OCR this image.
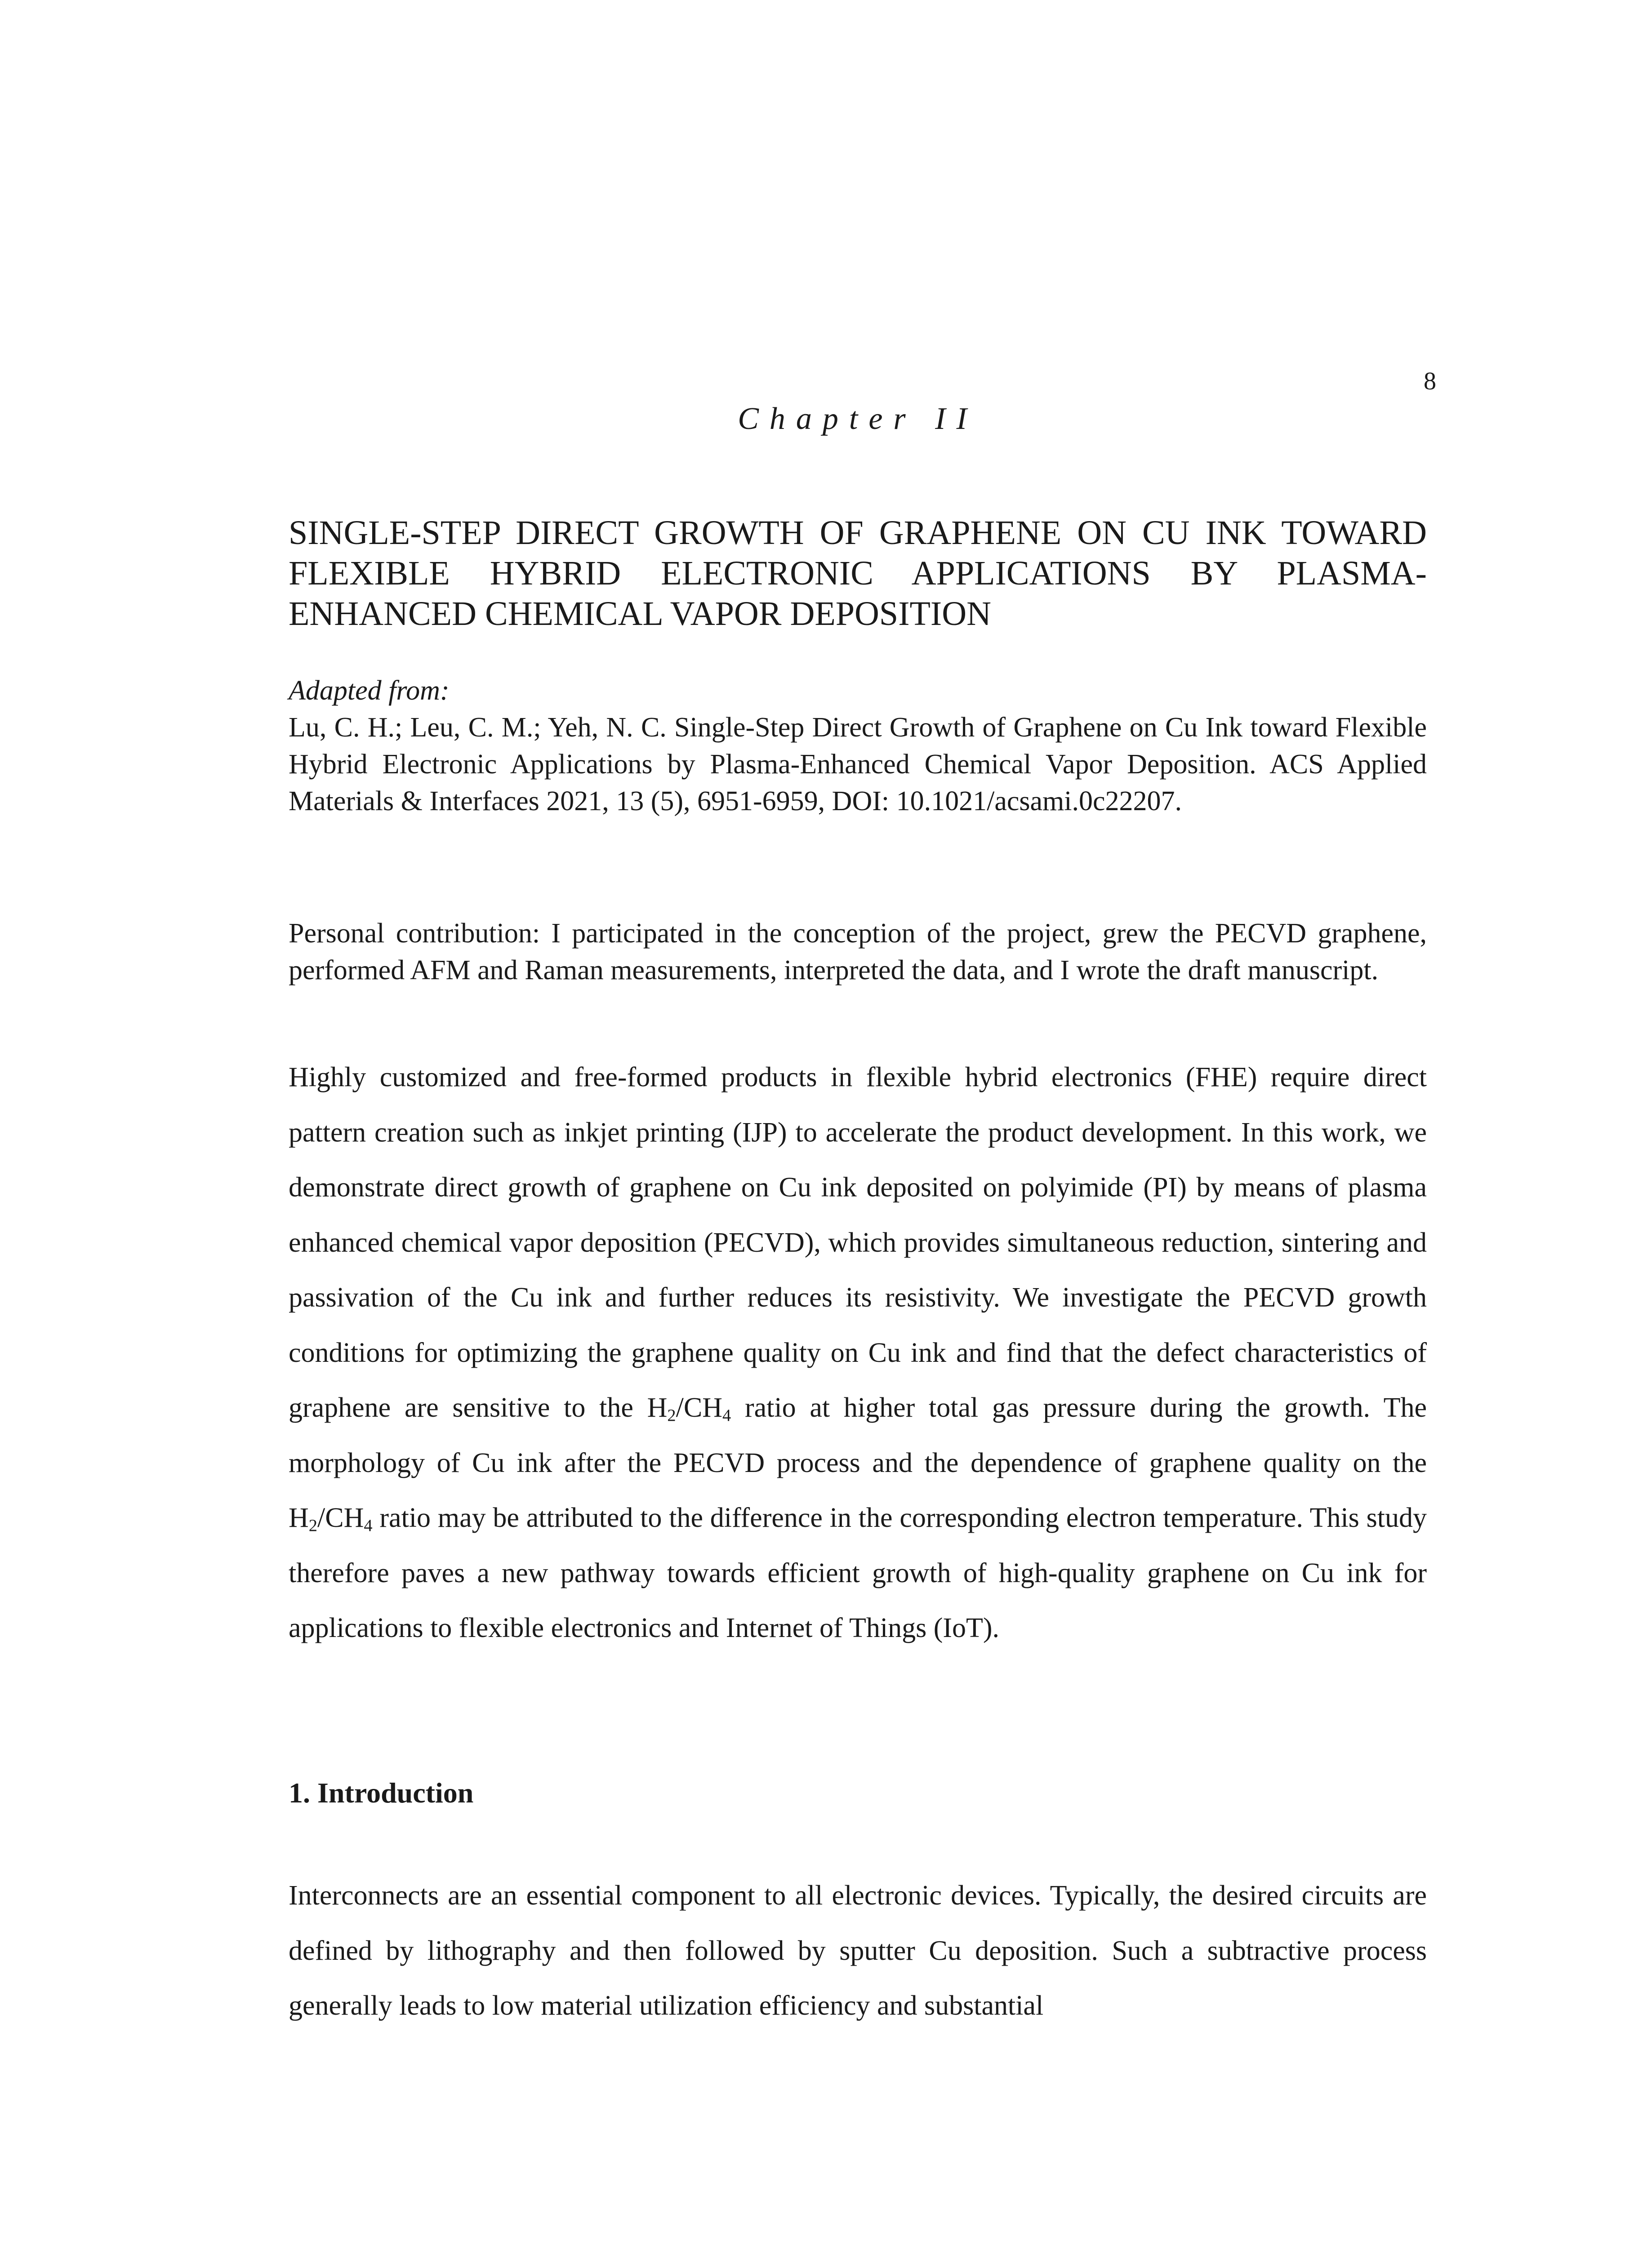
8
Chapter II
SINGLE-STEP DIRECT GROWTH OF GRAPHENE ON CU INK TOWARD FLEXIBLE HYBRID ELECTRONIC APPLICATIONS BY PLASMA-ENHANCED CHEMICAL VAPOR DEPOSITION
Adapted from:
Lu, C. H.; Leu, C. M.; Yeh, N. C. Single-Step Direct Growth of Graphene on Cu Ink toward Flexible Hybrid Electronic Applications by Plasma-Enhanced Chemical Vapor Deposition. ACS Applied Materials & Interfaces 2021, 13 (5), 6951-6959, DOI: 10.1021/acsami.0c22207.
Personal contribution: I participated in the conception of the project, grew the PECVD graphene, performed AFM and Raman measurements, interpreted the data, and I wrote the draft manuscript.
Highly customized and free-formed products in flexible hybrid electronics (FHE) require direct pattern creation such as inkjet printing (IJP) to accelerate the product development. In this work, we demonstrate direct growth of graphene on Cu ink deposited on polyimide (PI) by means of plasma enhanced chemical vapor deposition (PECVD), which provides simultaneous reduction, sintering and passivation of the Cu ink and further reduces its resistivity. We investigate the PECVD growth conditions for optimizing the graphene quality on Cu ink and find that the defect characteristics of graphene are sensitive to the $H_2/CH_4$ ratio at higher total gas pressure during the growth. The morphology of Cu ink after the PECVD process and the dependence of graphene quality on the $H_2/CH_4$ ratio may be attributed to the difference in the corresponding electron temperature. This study therefore paves a new pathway towards efficient growth of high-quality graphene on Cu ink for applications to flexible electronics and Internet of Things (IoT).
1. Introduction
Interconnects are an essential component to all electronic devices. Typically, the desired circuits are defined by lithography and then followed by sputter Cu deposition. Such a subtractive process generally leads to low material utilization efficiency and substantial
